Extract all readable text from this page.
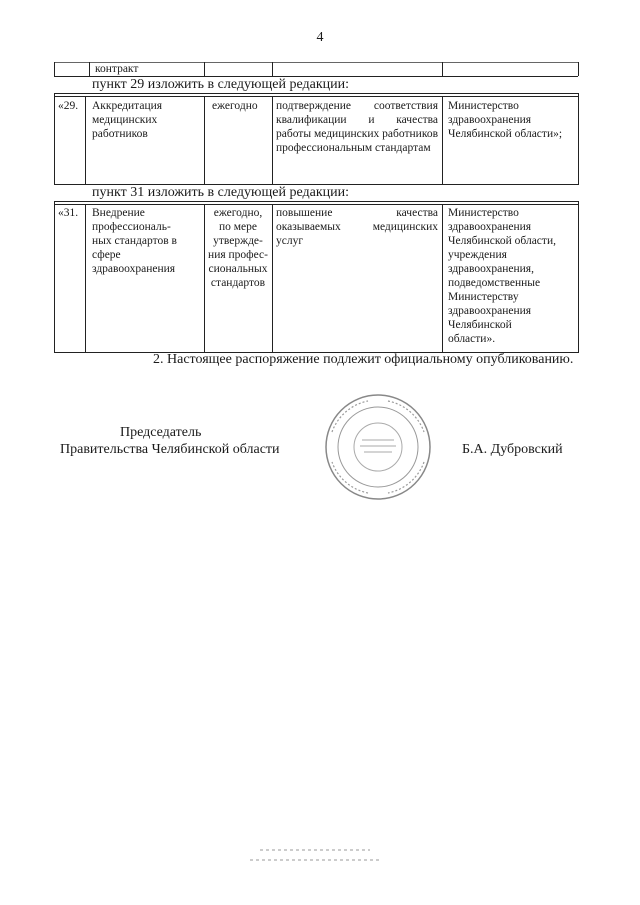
4
контракт
пункт 29 изложить в следующей редакции:
«29. Аккредитация медицинских работников
ежегодно подтверждение соответствия квалификации и качества работы медицинских работников профессиональным стандартам
Министерство здравоохранения Челябинской области»;
пункт 31 изложить в следующей редакции:
«31. Внедрение
профессиональ-
ных стандартов в
сфере
здравоохранения
ежегодно,
по мере
утвержде-
ния профес-
сиональных
стандартов
повышение качества оказываемых медицинских услуг
Министерство
здравоохранения
Челябинской области,
учреждения
здравоохранения,
подведомственные
Министерству
здравоохранения
Челябинской
области».
2. Настоящее распоряжение подлежит официальному опубликованию.
Председатель
Правительства Челябинской области	Б.А. Дубровский
